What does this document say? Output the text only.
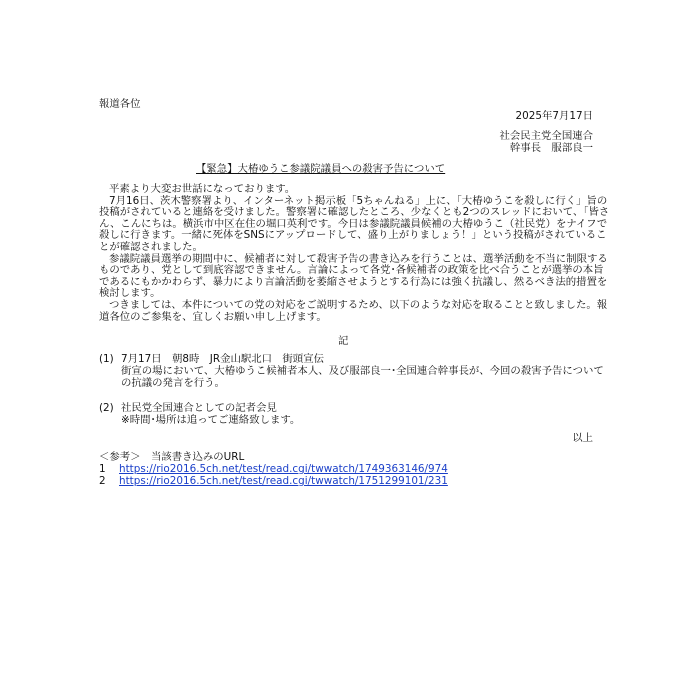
報道各位
2025年7月17日
社会民主党全国連合
幹事長　服部良一
【緊急】大椿ゆうこ参議院議員への殺害予告について

平素より大変お世話になっております。

7月16日、茨木警察署より、インターネット掲示板「5ちゃんねる」上に、「大椿ゆうこを殺しに行く」旨の投稿がされていると連絡を受けました。警察署に確認したところ、少なくとも2つのスレッドにおいて、「皆さん、こんにちは。横浜市中区在住の堀口英利です。今日は参議院議員候補の大椿ゆうこ（社民党）をナイフで殺しに行きます。一緒に死体をSNSにアップロードして、盛り上がりましょう！」という投稿がされていることが確認されました。

参議院議員選挙の期間中に、候補者に対して殺害予告の書き込みを行うことは、選挙活動を不当に制限するものであり、党として到底容認できません。言論によって各党･各候補者の政策を比べ合うことが選挙の本旨であるにもかかわらず、暴力により言論活動を萎縮させようとする行為には強く抗議し、然るべき法的措置を検討します。

つきましては、本件についての党の対応をご説明するため、以下のような対応を取ることと致しました。報道各位のご参集を、宜しくお願い申し上げます。

記
(1) 7月17日　朝8時　JR金山駅北口　街頭宣伝
街宣の場において、大椿ゆうこ候補者本人、及び服部良一･全国連合幹事長が、今回の殺害予告についての抗議の発言を行う。
(2) 社民党全国連合としての記者会見
※時間･場所は追ってご連絡致します。
以上
＜参考＞　当該書き込みのURL
1 https://rio2016.5ch.net/test/read.cgi/twwatch/1749363146/974
2 https://rio2016.5ch.net/test/read.cgi/twwatch/1751299101/231
